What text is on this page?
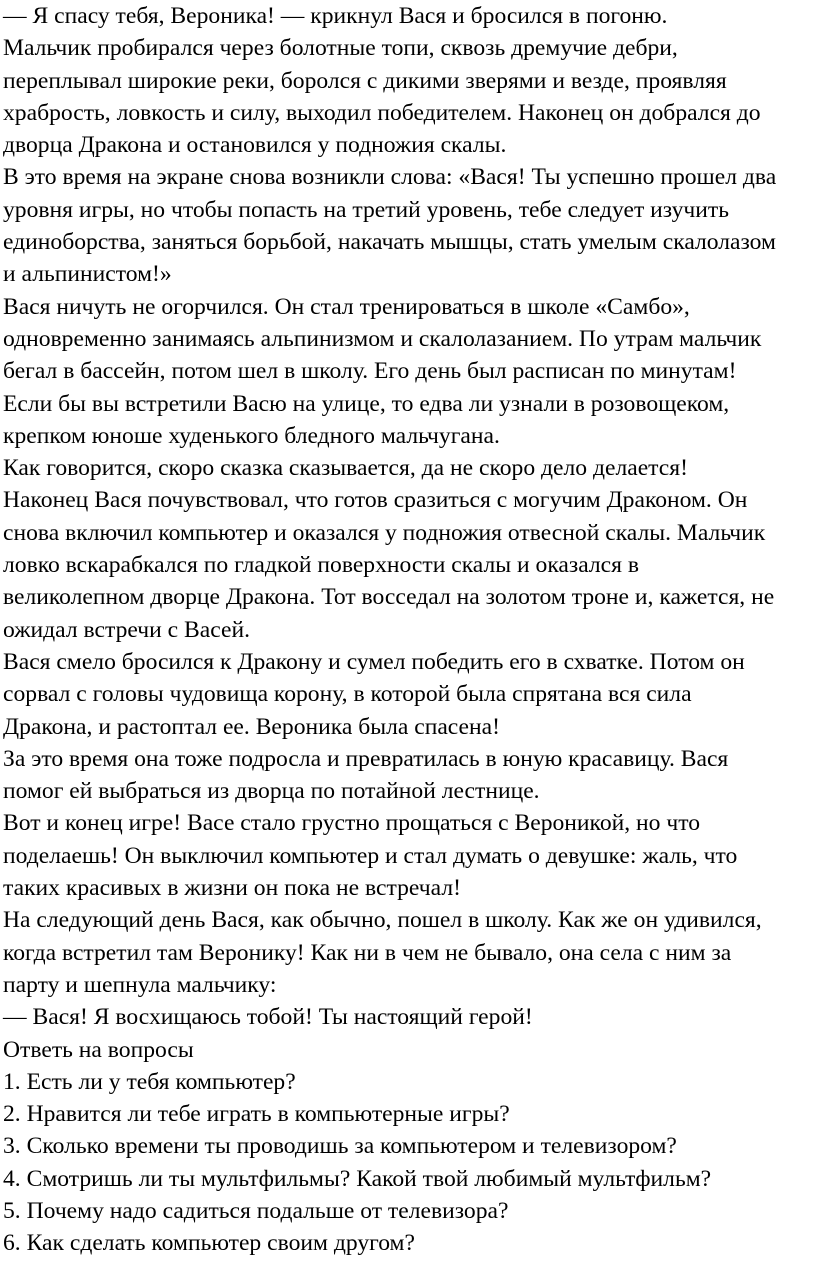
— Я спасу тебя, Вероника! — крикнул Вася и бросился в погоню.
Мальчик пробирался через болотные топи, сквозь дремучие дебри,
переплывал широкие реки, боролся с дикими зверями и везде, проявляя
храбрость, ловкость и силу, выходил победителем. Наконец он добрался до
дворца Дракона и остановился у подножия скалы.
В это время на экране снова возникли слова: «Вася! Ты успешно прошел два
уровня игры, но чтобы попасть на третий уровень, тебе следует изучить
единоборства, заняться борьбой, накачать мышцы, стать умелым скалолазом
и альпинистом!»
Вася ничуть не огорчился. Он стал тренироваться в школе «Самбо»,
одновременно занимаясь альпинизмом и скалолазанием. По утрам мальчик
бегал в бассейн, потом шел в школу. Его день был расписан по минутам!
Если бы вы встретили Васю на улице, то едва ли узнали в розовощеком,
крепком юноше худенького бледного мальчугана.
Как говорится, скоро сказка сказывается, да не скоро дело делается!
Наконец Вася почувствовал, что готов сразиться с могучим Драконом. Он
снова включил компьютер и оказался у подножия отвесной скалы. Мальчик
ловко вскарабкался по гладкой поверхности скалы и оказался в
великолепном дворце Дракона. Тот восседал на золотом троне и, кажется, не
ожидал встречи с Васей.
Вася смело бросился к Дракону и сумел победить его в схватке. Потом он
сорвал с головы чудовища корону, в которой была спрятана вся сила
Дракона, и растоптал ее. Вероника была спасена!
За это время она тоже подросла и превратилась в юную красавицу. Вася
помог ей выбраться из дворца по потайной лестнице.
Вот и конец игре! Васе стало грустно прощаться с Вероникой, но что
поделаешь! Он выключил компьютер и стал думать о девушке: жаль, что
таких красивых в жизни он пока не встречал!
На следующий день Вася, как обычно, пошел в школу. Как же он удивился,
когда встретил там Веронику! Как ни в чем не бывало, она села с ним за
парту и шепнула мальчику:
— Вася! Я восхищаюсь тобой! Ты настоящий герой!
Ответь на вопросы
1. Есть ли у тебя компьютер?
2. Нравится ли тебе играть в компьютерные игры?
3. Сколько времени ты проводишь за компьютером и телевизором?
4. Смотришь ли ты мультфильмы? Какой твой любимый мультфильм?
5. Почему надо садиться подальше от телевизора?
6. Как сделать компьютер своим другом?
